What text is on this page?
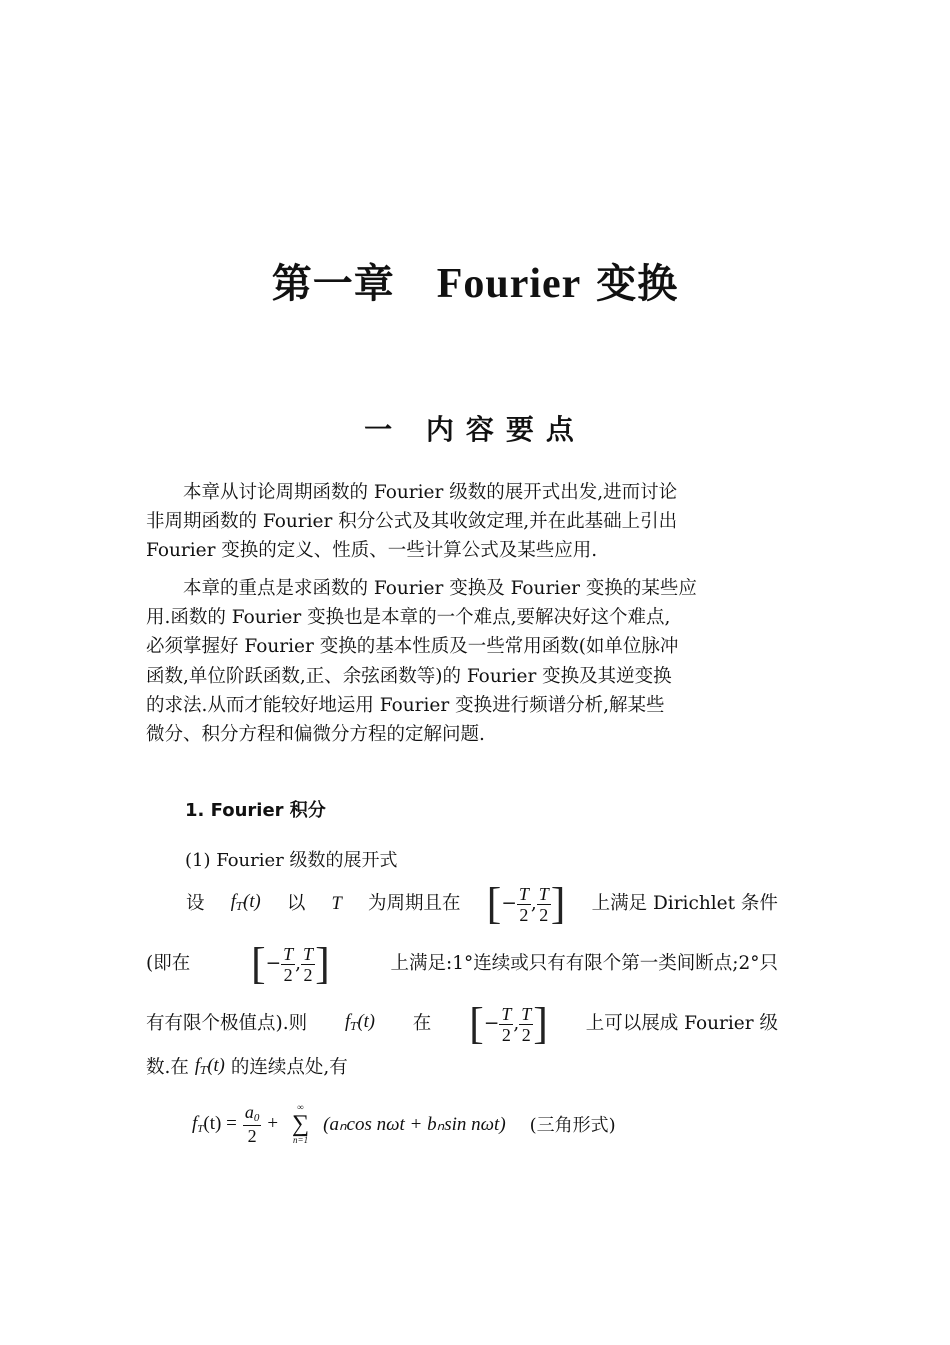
第一章 Fourier 变换
一 内容要点
本章从讨论周期函数的 Fourier 级数的展开式出发,进而讨论
非周期函数的 Fourier 积分公式及其收敛定理,并在此基础上引出
Fourier 变换的定义、性质、一些计算公式及某些应用.
本章的重点是求函数的 Fourier 变换及 Fourier 变换的某些应
用.函数的 Fourier 变换也是本章的一个难点,要解决好这个难点,
必须掌握好 Fourier 变换的基本性质及一些常用函数(如单位脉冲
函数,单位阶跃函数,正、余弦函数等)的 Fourier 变换及其逆变换
的求法.从而才能较好地运用 Fourier 变换进行频谱分析,解某些
微分、积分方程和偏微分方程的定解问题.
1. Fourier 积分
(1) Fourier 级数的展开式
设 $f_T(t)$ 以 T 为周期且在 [− $\frac{T}{2}$ , $\frac{T}{2}$ ] 上满足 Dirichlet 条件
(即在 [− $\frac{T}{2}$ , $\frac{T}{2}$ ]	上满足:1°连续或只有有限个第一类间断点;2°只
有有限个极值点).则 $f_T(t)$ 在 [− $\frac{T}{2}$ , $\frac{T}{2}$ ] 上可以展成 Fourier 级
数.在 $f_T(t)$ 的连续点处,有
$f_T(t) = \frac{a_0}{2}$ +
∞
∑
n=1
(aₙcos nωt + bₙsin nωt) (三角形式)
